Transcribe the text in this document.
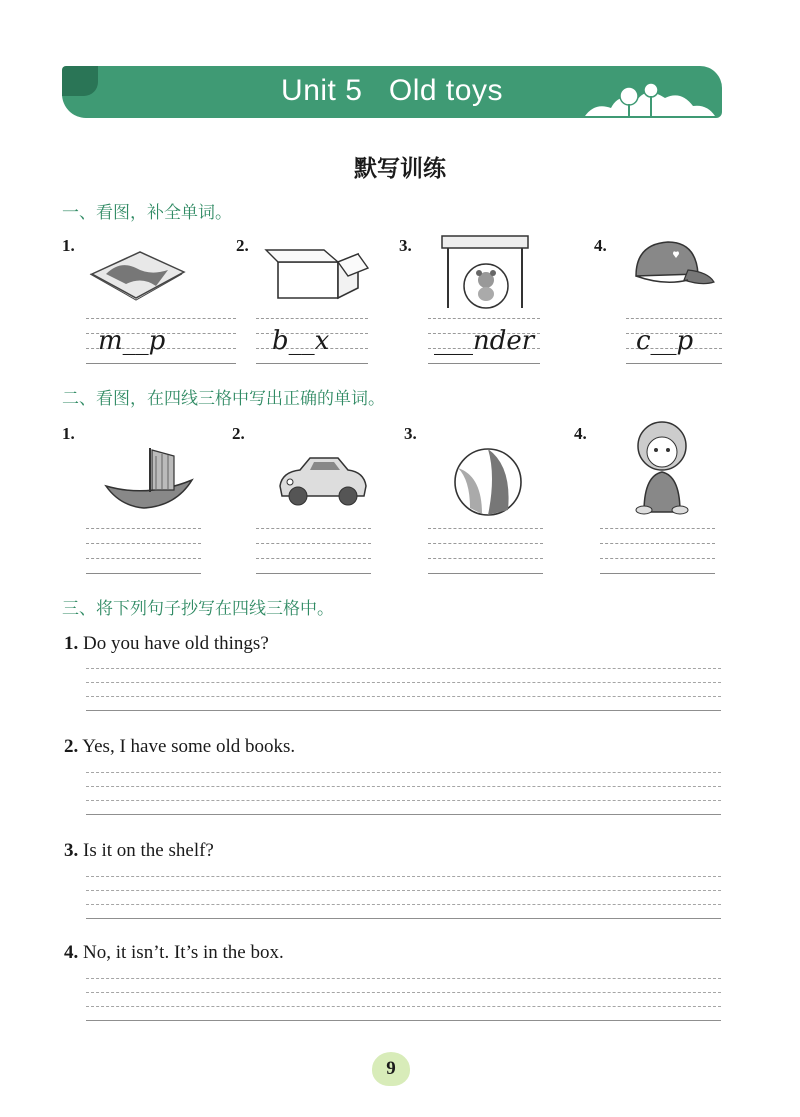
Unit 5   Old toys
默写训练
一、看图，补全单词。
1.	2.	3.	4.
m__p	b__x	___nder	c__p
二、看图，在四线三格中写出正确的单词。
1.	2.	3.	4.
三、将下列句子抄写在四线三格中。
1. Do you have old things?
2. Yes, I have some old books.
3. Is it on the shelf?
4. No, it isn’t. It’s in the box.
9
